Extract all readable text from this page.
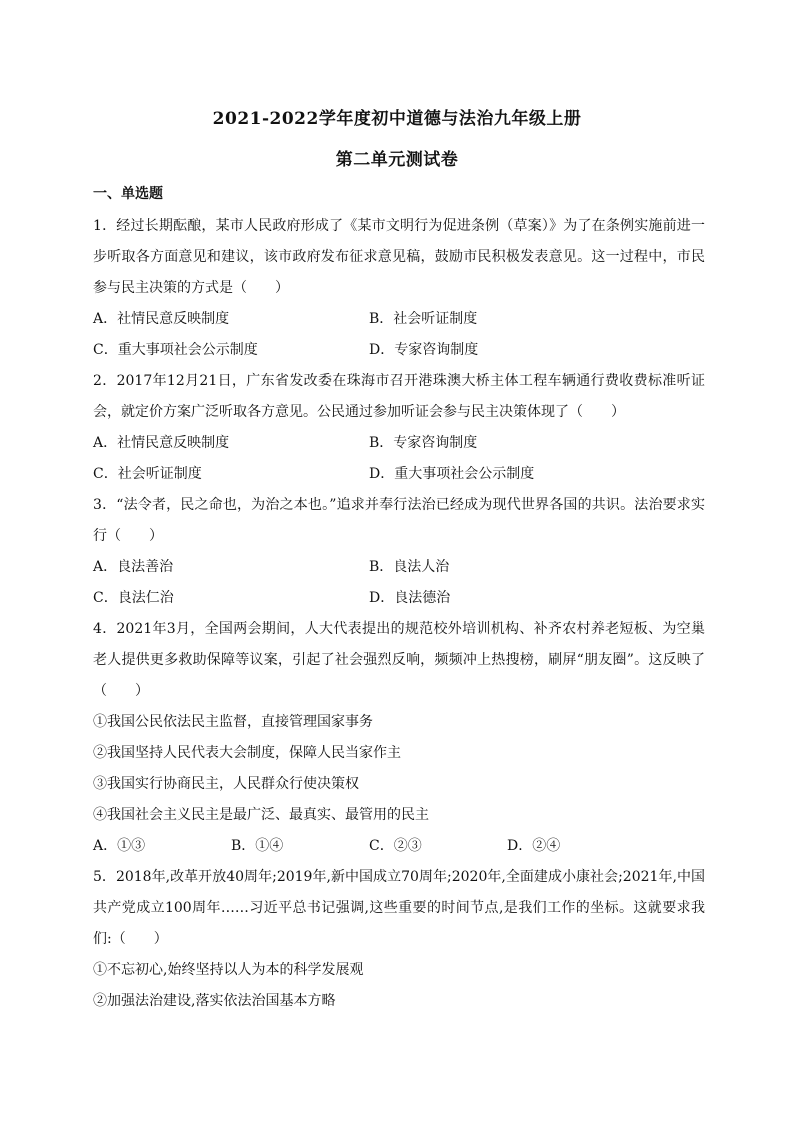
2021-2022学年度初中道德与法治九年级上册
第二单元测试卷
一、单选题

1．经过长期酝酿，某市人民政府形成了《某市文明行为促进条例（草案）》为了在条例实施前进一步听取各方面意见和建议，该市政府发布征求意见稿，鼓励市民积极发表意见。这一过程中，市民参与民主决策的方式是（　　）

A．社情民意反映制度	B．社会听证制度
C．重大事项社会公示制度	D．专家咨询制度

2．2017年12月21日，广东省发改委在珠海市召开港珠澳大桥主体工程车辆通行费收费标准听证会，就定价方案广泛听取各方意见。公民通过参加听证会参与民主决策体现了（　　）

A．社情民意反映制度	B．专家咨询制度
C．社会听证制度	D．重大事项社会公示制度

3．“法令者，民之命也，为治之本也。”追求并奉行法治已经成为现代世界各国的共识。法治要求实行（　　）

A．良法善治	B．良法人治
C．良法仁治	D．良法德治

4．2021年3月，全国两会期间，人大代表提出的规范校外培训机构、补齐农村养老短板、为空巢老人提供更多救助保障等议案，引起了社会强烈反响，频频冲上热搜榜，刷屏“朋友圈”。这反映了（　　）

①我国公民依法民主监督，直接管理国家事务

②我国坚持人民代表大会制度，保障人民当家作主

③我国实行协商民主，人民群众行使决策权

④我国社会主义民主是最广泛、最真实、最管用的民主

A．①③	B．①④	C．②③	D．②④

5．2018年,改革开放40周年;2019年,新中国成立70周年;2020年,全面建成小康社会;2021年,中国共产党成立100周年……习近平总书记强调,这些重要的时间节点,是我们工作的坐标。这就要求我们:（　　）

①不忘初心,始终坚持以人为本的科学发展观

②加强法治建设,落实依法治国基本方略
